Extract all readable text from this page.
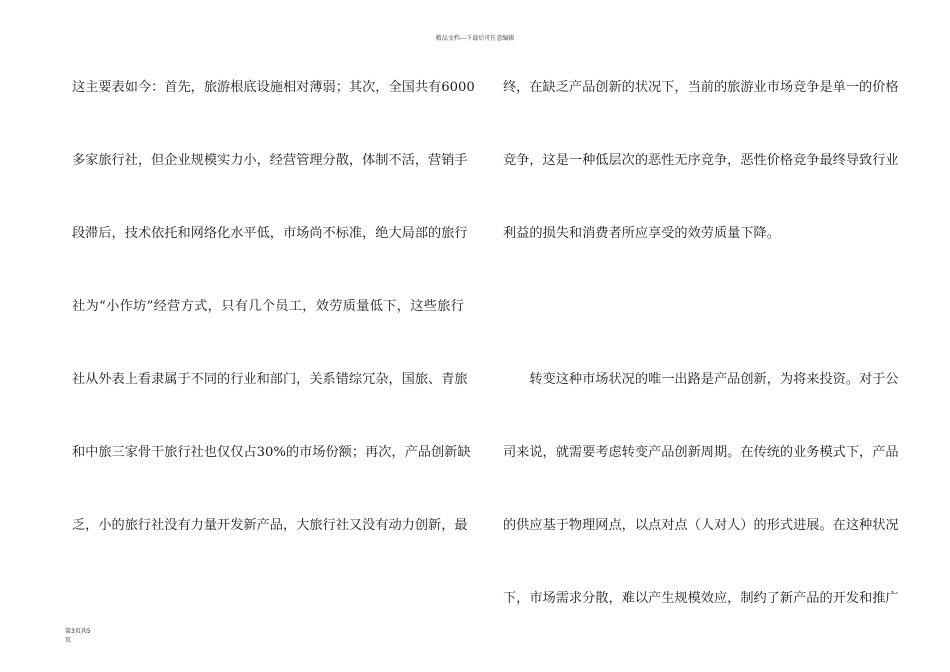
精品文档---下载后可任意编辑
这主要表如今：首先，旅游根底设施相对薄弱；其次，全国共有6000
多家旅行社，但企业规模实力小，经营管理分散，体制不活，营销手
段滞后，技术依托和网络化水平低，市场尚不标准，绝大局部的旅行
社为“小作坊”经营方式，只有几个员工，效劳质量低下，这些旅行
社从外表上看隶属于不同的行业和部门，关系错综冗杂，国旅、青旅
和中旅三家骨干旅行社也仅仅占30%的市场份额；再次，产品创新缺
乏，小的旅行社没有力量开发新产品，大旅行社又没有动力创新，最
终，在缺乏产品创新的状况下，当前的旅游业市场竞争是单一的价格
竞争，这是一种低层次的恶性无序竞争，恶性价格竞争最终导致行业
利益的损失和消费者所应享受的效劳质量下降。
　　转变这种市场状况的唯一出路是产品创新，为将来投资。对于公
司来说，就需要考虑转变产品创新周期。在传统的业务模式下，产品
的供应基于物理网点，以点对点（人对人）的形式进展。在这种状况
下，市场需求分散，难以产生规模效应，制约了新产品的开发和推广
第3页共5
页
